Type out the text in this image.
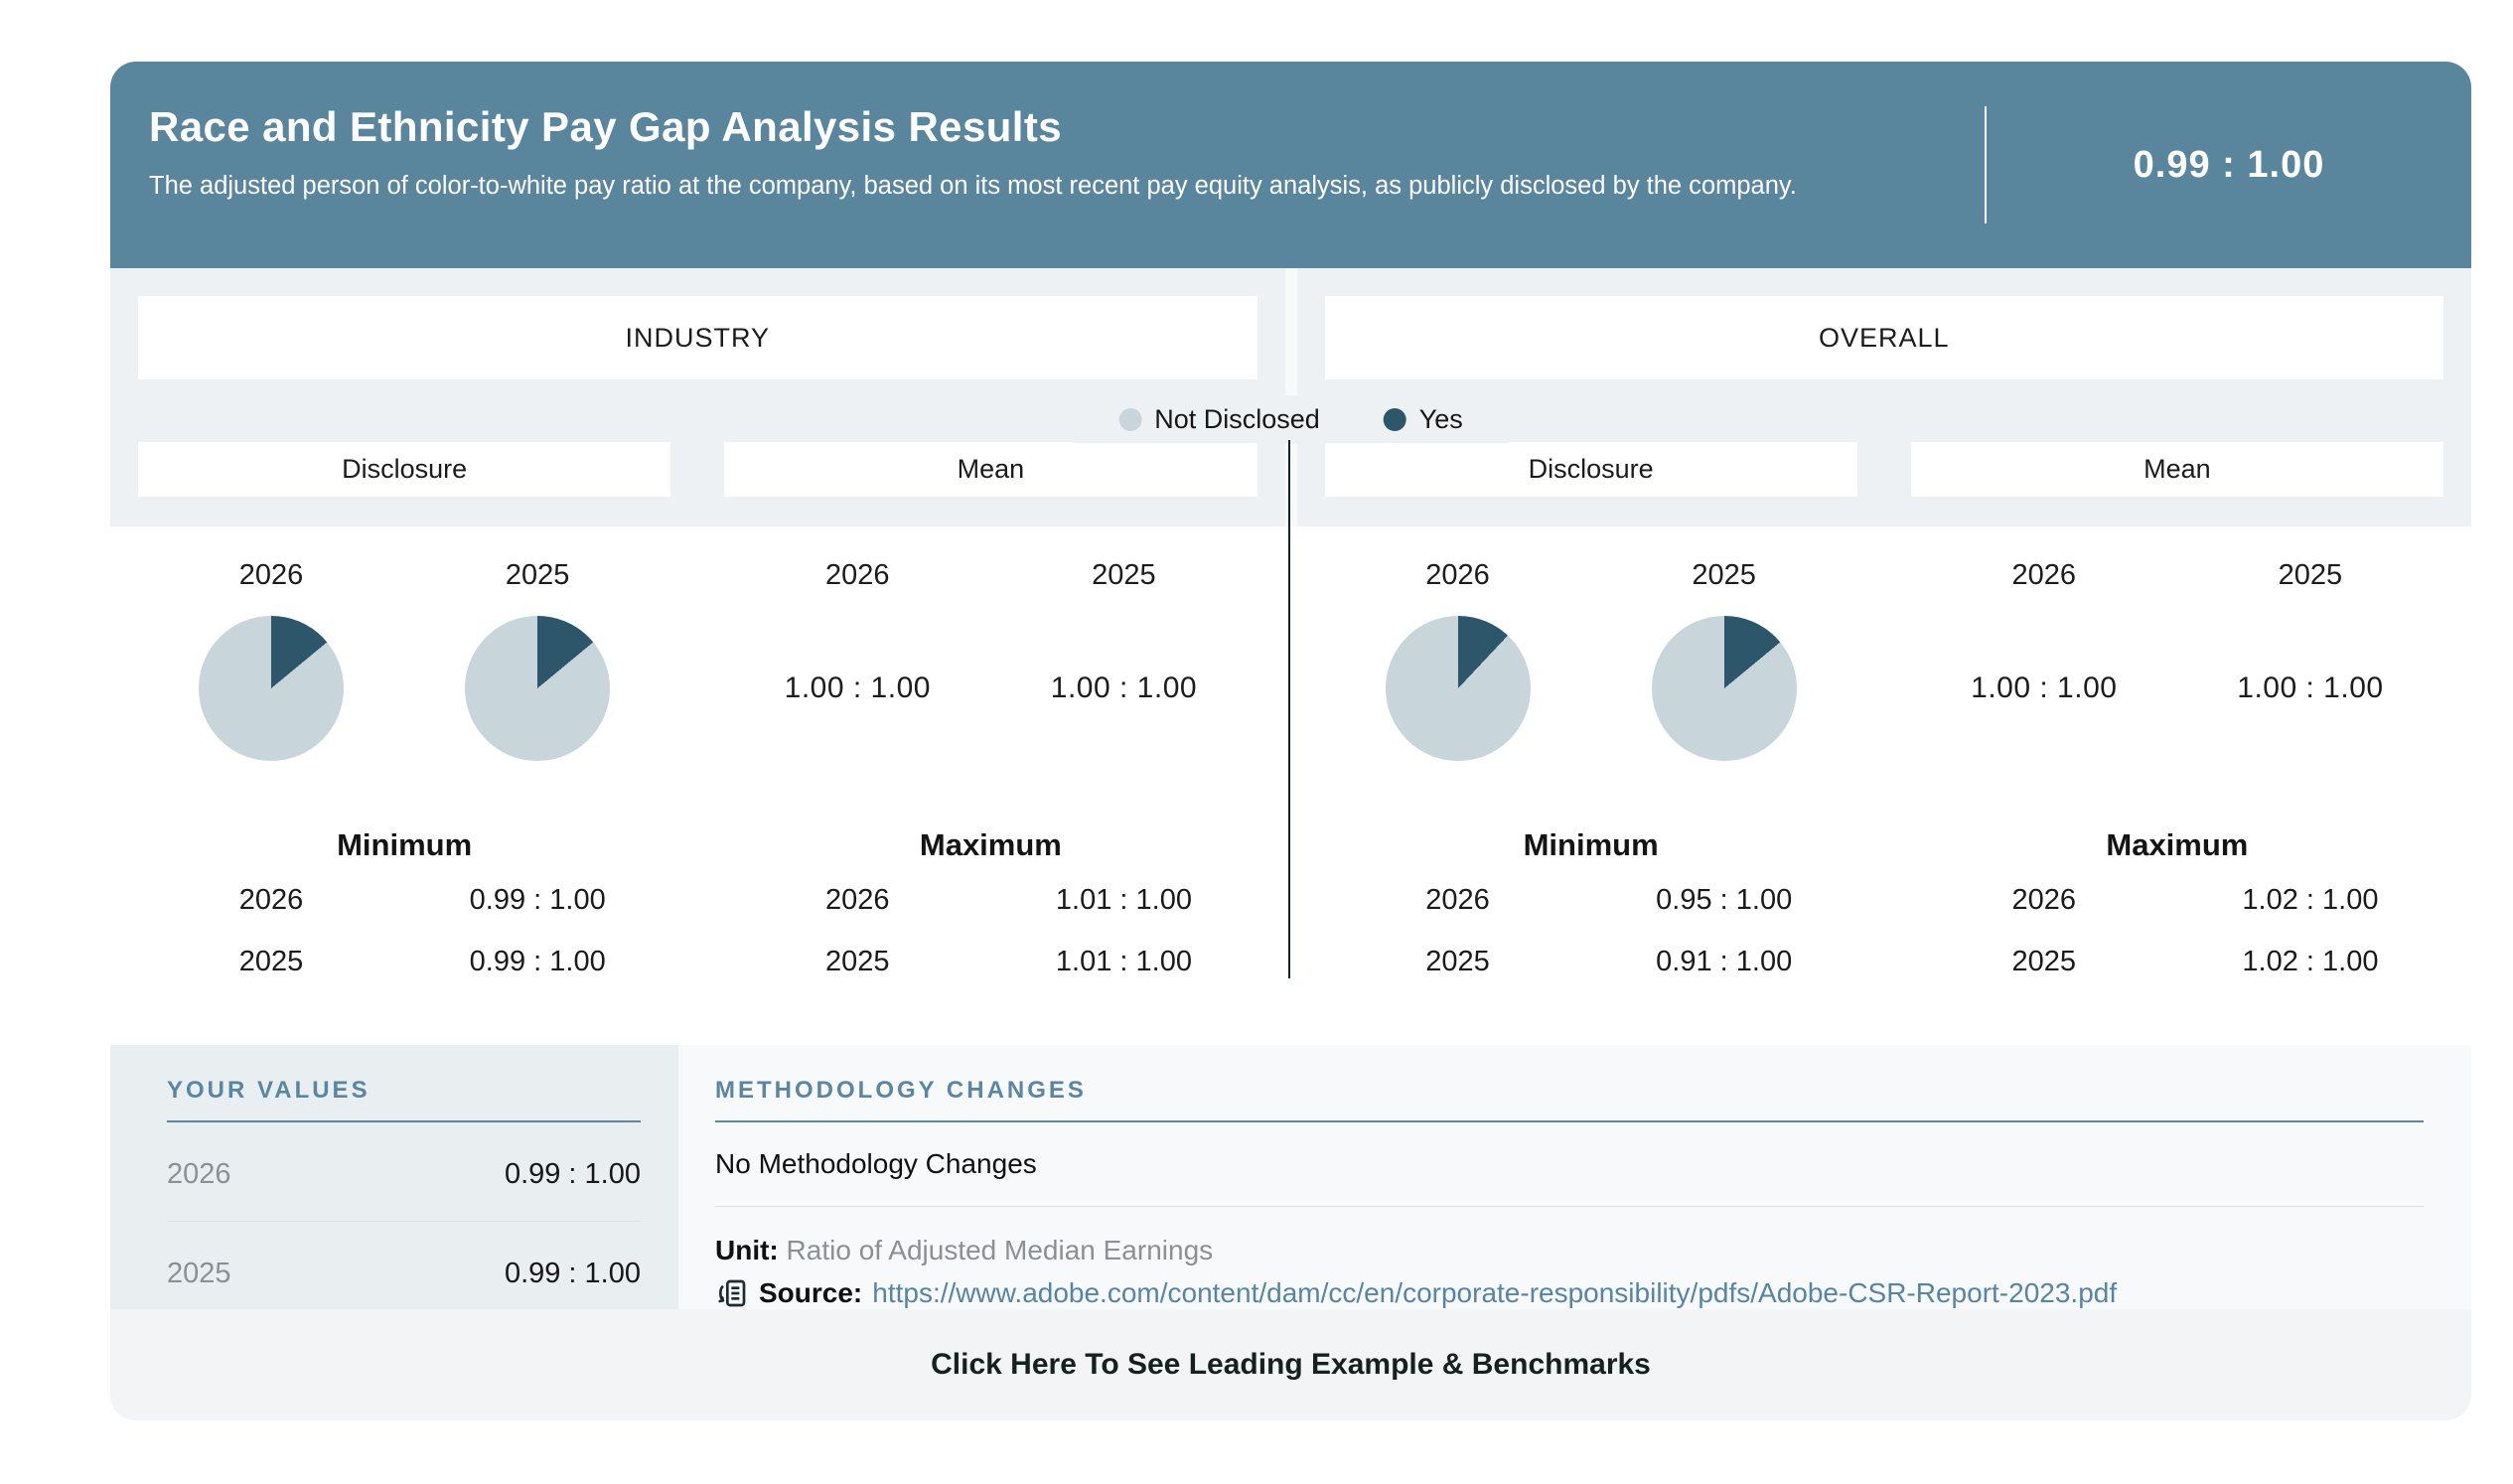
Race and Ethnicity Pay Gap Analysis Results

The adjusted person of color-to-white pay ratio at the company, based on its most recent pay equity analysis, as publicly disclosed by the company.

0.99 : 1.00
INDUSTRY
Disclosure	Mean
OVERALL
Disclosure	Mean
Not Disclosed	Yes
2026	2025	2026	2025
1.00 : 1.00	1.00 : 1.00
Minimum	Maximum
2026	0.99 : 1.00	2026	1.01 : 1.00
2025	0.99 : 1.00	2025	1.01 : 1.00
2026	2025	2026	2025
1.00 : 1.00	1.00 : 1.00
Minimum	Maximum
2026	0.95 : 1.00	2026	1.02 : 1.00
2025	0.91 : 1.00	2025	1.02 : 1.00
YOUR VALUES
2026	0.99 : 1.00
2025	0.99 : 1.00
METHODOLOGY CHANGES
No Methodology Changes
Unit: Ratio of Adjusted Median Earnings
Source: https://www.adobe.com/content/dam/cc/en/corporate-responsibility/pdfs/Adobe-CSR-Report-2023.pdf
Click Here To See Leading Example & Benchmarks
